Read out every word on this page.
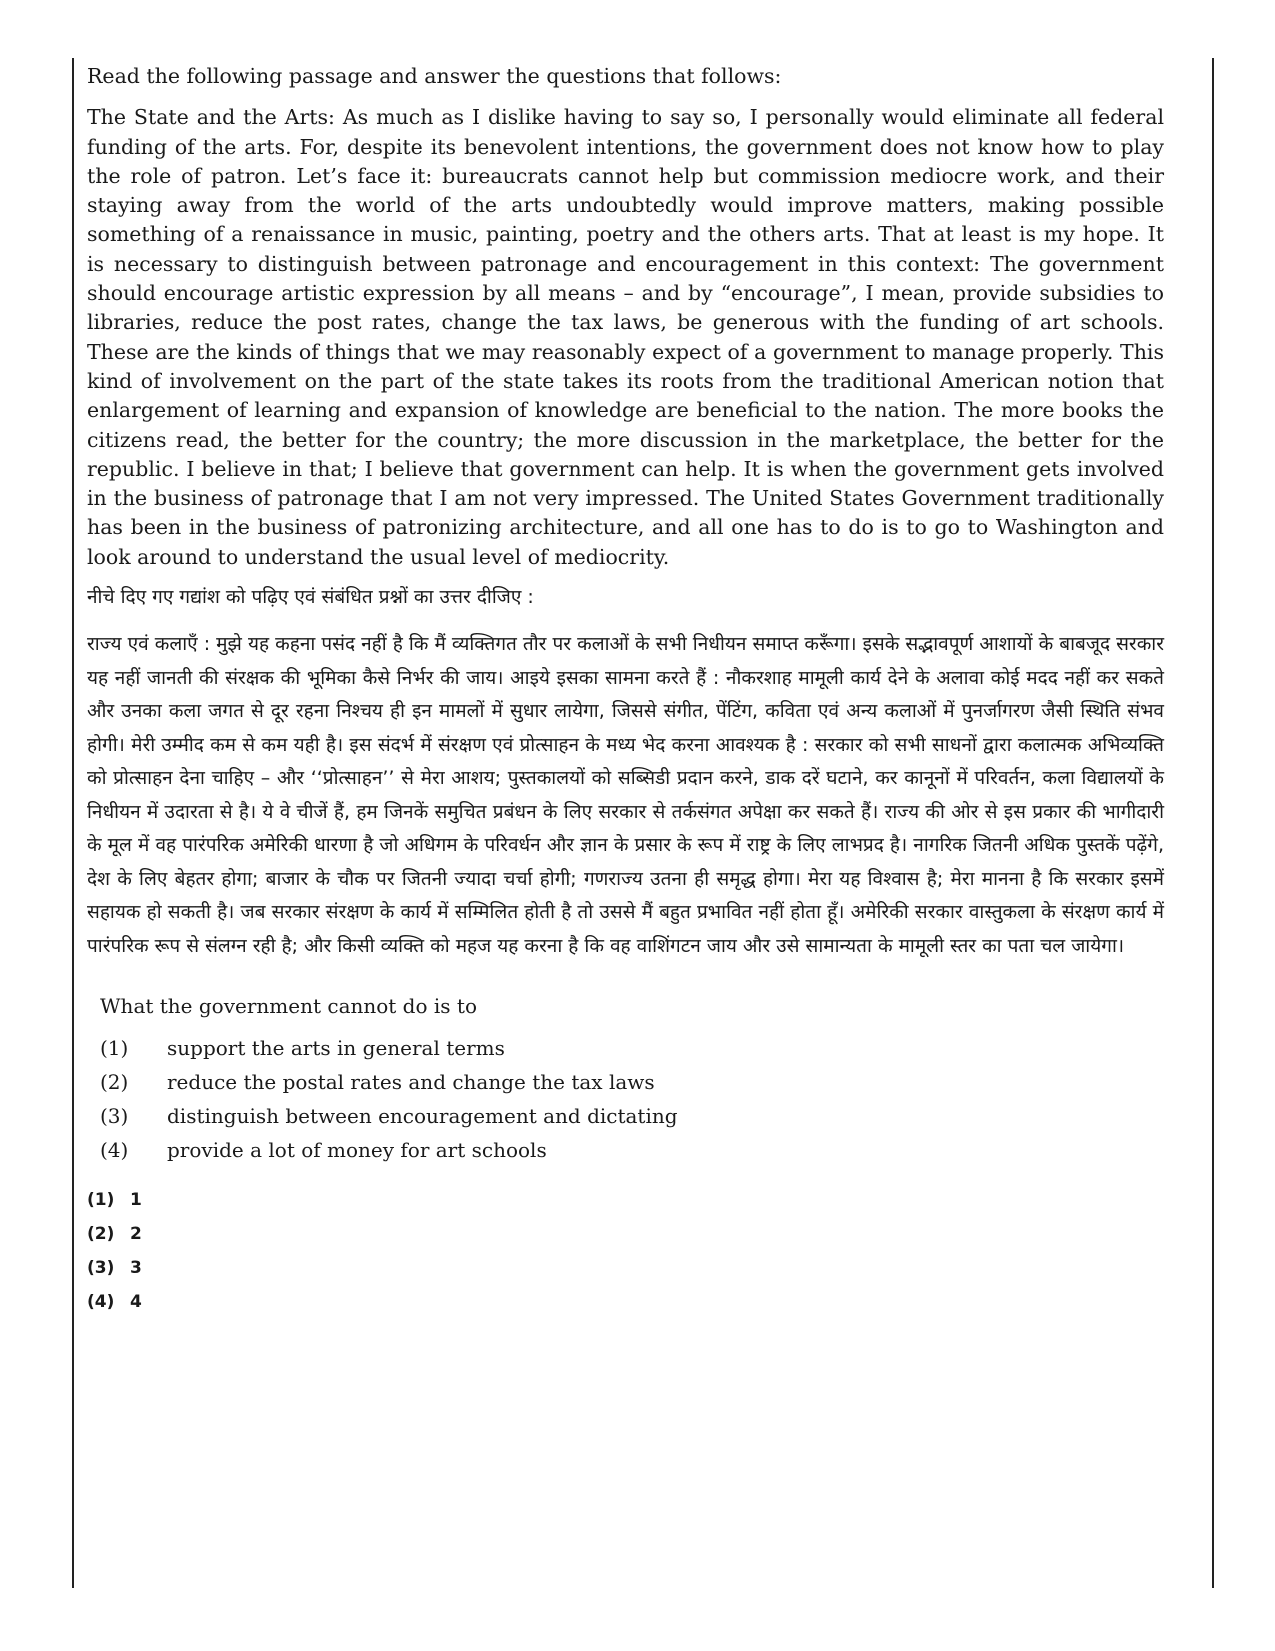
Read the following passage and answer the questions that follows:

The State and the Arts: As much as I dislike having to say so, I personally would eliminate all federal funding of the arts. For, despite its benevolent intentions, the government does not know how to play the role of patron. Let’s face it: bureaucrats cannot help but commission mediocre work, and their staying away from the world of the arts undoubtedly would improve matters, making possible something of a renaissance in music, painting, poetry and the others arts. That at least is my hope. It is necessary to distinguish between patronage and encouragement in this context: The government should encourage artistic expression by all means – and by “encourage”, I mean, provide subsidies to libraries, reduce the post rates, change the tax laws, be generous with the funding of art schools. These are the kinds of things that we may reasonably expect of a government to manage properly. This kind of involvement on the part of the state takes its roots from the traditional American notion that enlargement of learning and expansion of knowledge are beneficial to the nation. The more books the citizens read, the better for the country; the more discussion in the marketplace, the better for the republic. I believe in that; I believe that government can help. It is when the government gets involved in the business of patronage that I am not very impressed. The United States Government traditionally has been in the business of patronizing architecture, and all one has to do is to go to Washington and look around to understand the usual level of mediocrity.

नीचे दिए गए गद्यांश को पढ़िए एवं संबंधित प्रश्नों का उत्तर दीजिए :

राज्य एवं कलाएँ : मुझे यह कहना पसंद नहीं है कि मैं व्यक्तिगत तौर पर कलाओं के सभी निधीयन समाप्त करूँगा। इसके सद्भावपूर्ण आशायों के बाबजूद सरकार यह नहीं जानती की संरक्षक की भूमिका कैसे निर्भर की जाय। आइये इसका सामना करते हैं : नौकरशाह मामूली कार्य देने के अलावा कोई मदद नहीं कर सकते और उनका कला जगत से दूर रहना निश्चय ही इन मामलों में सुधार लायेगा, जिससे संगीत, पेंटिंग, कविता एवं अन्य कलाओं में पुनर्जागरण जैसी स्थिति संभव होगी। मेरी उम्मीद कम से कम यही है। इस संदर्भ में संरक्षण एवं प्रोत्साहन के मध्य भेद करना आवश्यक है : सरकार को सभी साधनों द्वारा कलात्मक अभिव्यक्ति को प्रोत्साहन देना चाहिए – और ‘‘प्रोत्साहन’’ से मेरा आशय; पुस्तकालयों को सब्सिडी प्रदान करने, डाक दरें घटाने, कर कानूनों में परिवर्तन, कला विद्यालयों के निधीयन में उदारता से है। ये वे चीजें हैं, हम जिनकें समुचित प्रबंधन के लिए सरकार से तर्कसंगत अपेक्षा कर सकते हैं। राज्य की ओर से इस प्रकार की भागीदारी के मूल में वह पारंपरिक अमेरिकी धारणा है जो अधिगम के परिवर्धन और ज्ञान के प्रसार के रूप में राष्ट्र के लिए लाभप्रद है। नागरिक जितनी अधिक पुस्तकें पढ़ेंगे, देश के लिए बेहतर होगा; बाजार के चौक पर जितनी ज्यादा चर्चा होगी; गणराज्य उतना ही समृद्ध होगा। मेरा यह विश्वास है; मेरा मानना है कि सरकार इसमें सहायक हो सकती है। जब सरकार संरक्षण के कार्य में सम्मिलित होती है तो उससे मैं बहुत प्रभावित नहीं होता हूँ। अमेरिकी सरकार वास्तुकला के संरक्षण कार्य में पारंपरिक रूप से संलग्न रही है; और किसी व्यक्ति को महज यह करना है कि वह वाशिंगटन जाय और उसे सामान्यता के मामूली स्तर का पता चल जायेगा।

What the government cannot do is to

(1)	support the arts in general terms
(2)	reduce the postal rates and change the tax laws
(3)	distinguish between encouragement and dictating
(4)	provide a lot of money for art schools
(1) 1
(2) 2
(3) 3
(4) 4
